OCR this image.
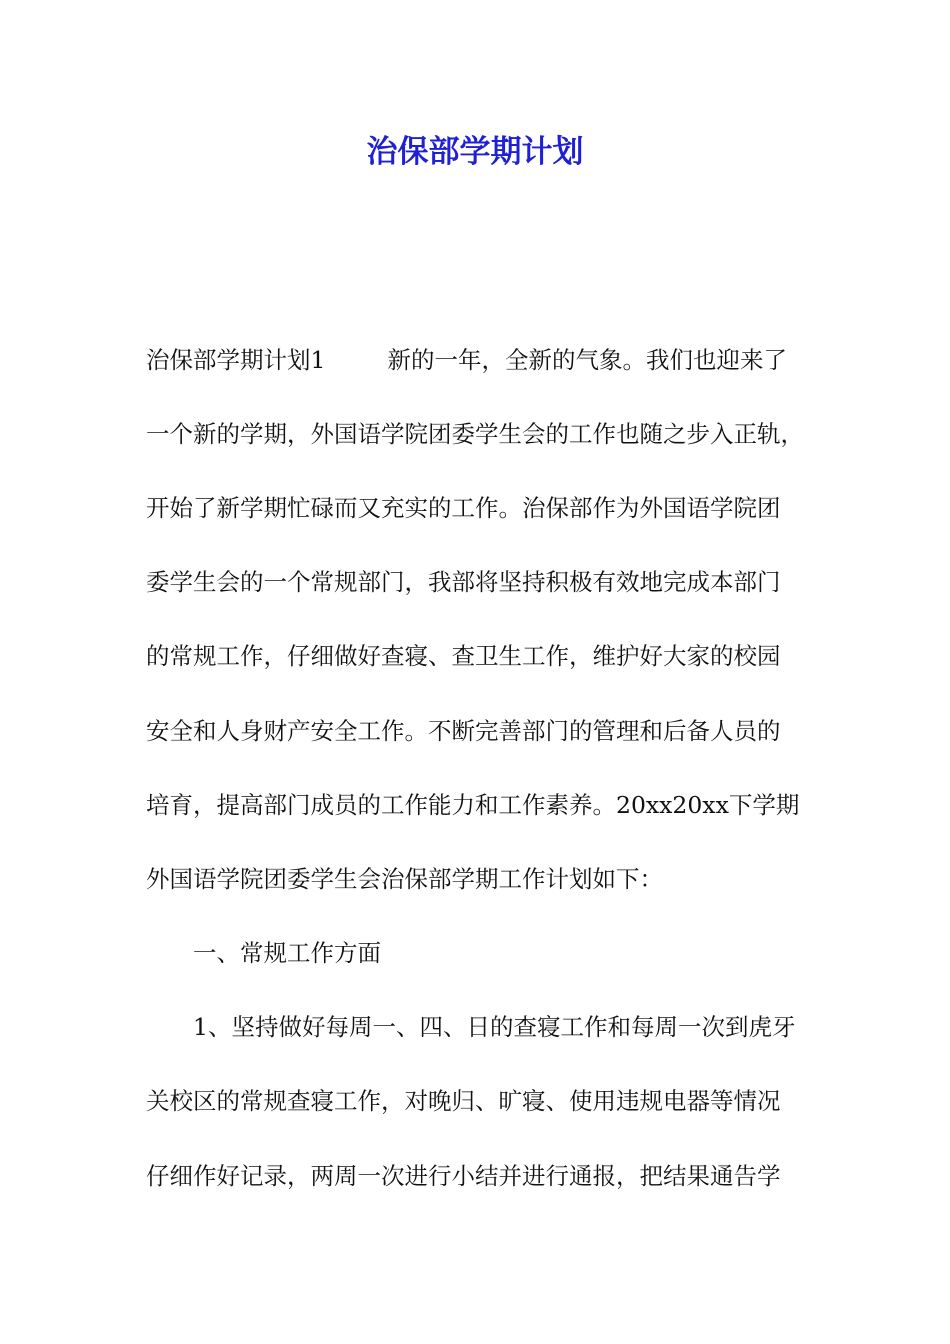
治保部学期计划

治保部学期计划1	新的一年，全新的气象。我们也迎来了

一个新的学期，外国语学院团委学生会的工作也随之步入正轨，

开始了新学期忙碌而又充实的工作。治保部作为外国语学院团

委学生会的一个常规部门，我部将坚持积极有效地完成本部门

的常规工作，仔细做好查寝、查卫生工作，维护好大家的校园

安全和人身财产安全工作。不断完善部门的管理和后备人员的

培育，提高部门成员的工作能力和工作素养。20xx20xx下学期

外国语学院团委学生会治保部学期工作计划如下：

一、常规工作方面

1、坚持做好每周一、四、日的查寝工作和每周一次到虎牙

关校区的常规查寝工作，对晚归、旷寝、使用违规电器等情况

仔细作好记录，两周一次进行小结并进行通报，把结果通告学
